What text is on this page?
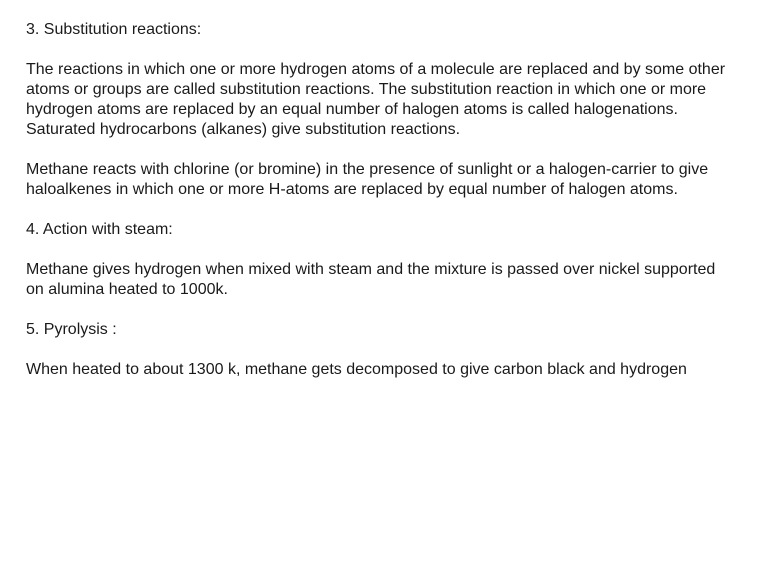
3. Substitution reactions:

The reactions in which one or more hydrogen atoms of a molecule are replaced and by some other atoms or groups are called substitution reactions. The substitution reaction in which one or more hydrogen atoms are replaced by an equal number of halogen atoms is called halogenations. Saturated hydrocarbons (alkanes) give substitution reactions.

Methane reacts with chlorine (or bromine) in the presence of sunlight or a halogen-carrier to give haloalkenes in which one or more H-atoms are replaced by equal number of halogen atoms.

4. Action with steam:

Methane gives hydrogen when mixed with steam and the mixture is passed over nickel supported on alumina heated to 1000k.

5. Pyrolysis :

When heated to about 1300 k, methane gets decomposed to give carbon black and hydrogen
